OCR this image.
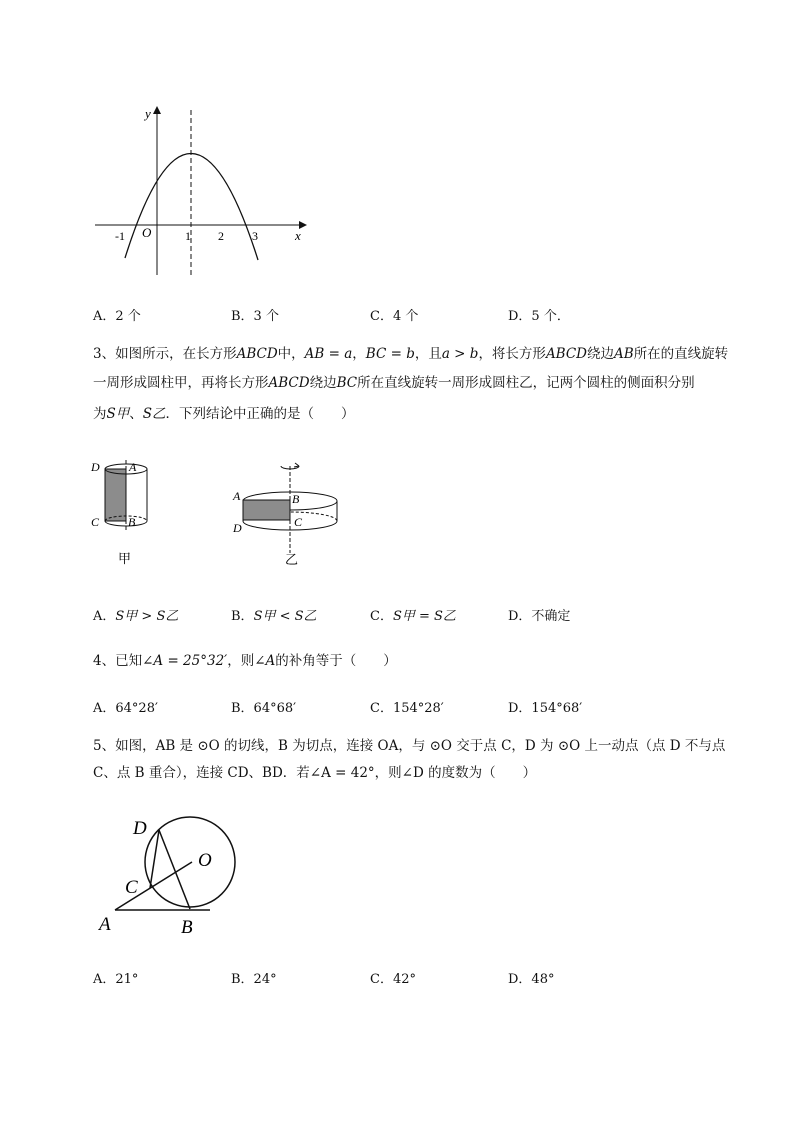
y
x
O
-1	1 2 3
A．2 个	B．3 个	C．4 个	D．5 个．
3、如图所示，在长方形ABCD中，AB = a，BC = b，且a > b，将长方形ABCD绕边AB所在的直线旋转
一周形成圆柱甲，再将长方形ABCD绕边BC所在直线旋转一周形成圆柱乙，记两个圆柱的侧面积分别
为S甲、S乙．下列结论中正确的是（　　）
D A
C B
甲
A	B
D	C
乙
A．S甲 > S乙	B．S甲 < S乙	C．S甲 = S乙	D．不确定
4、已知∠A = 25°32′，则∠A的补角等于（　　）
A．64°28′	B．64°68′	C．154°28′	D．154°68′
5、如图，AB 是 ⊙O 的切线，B 为切点，连接 OA，与 ⊙O 交于点 C，D 为 ⊙O 上一动点（点 D 不与点
C、点 B 重合），连接 CD、BD．若∠A = 42°，则∠D 的度数为（　　）
D
O
C
A	B
A．21°	B．24°	C．42°	D．48°
